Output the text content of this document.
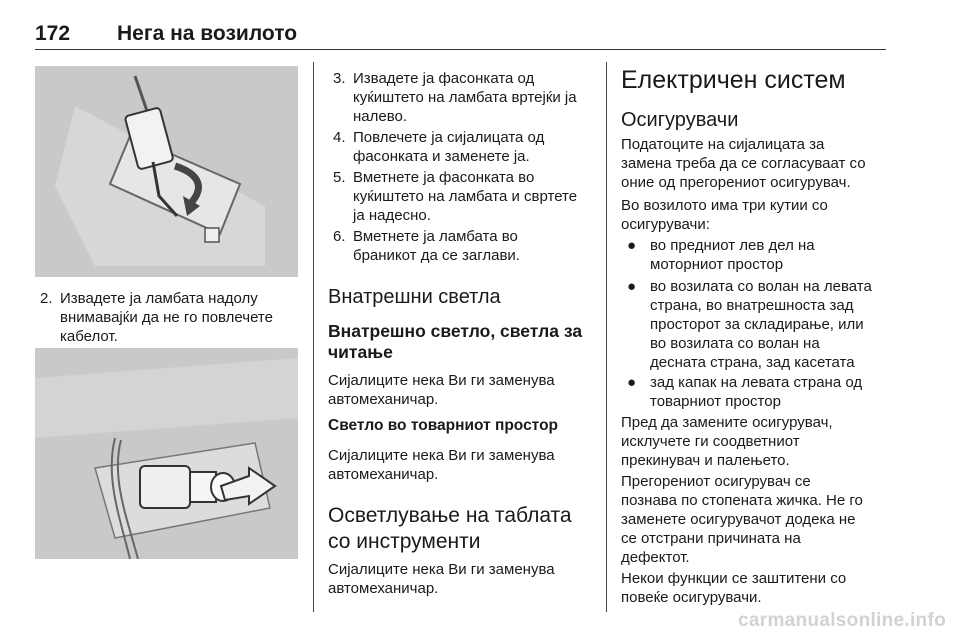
172 Нега на возилото
2. Извадете ја ламбата надолу
внимавајќи да не го повлечете
кабелот.
3. Извадете ја фасонката од
куќиштето на ламбата вртејќи ја
налево.
4. Повлечете ја сијалицата од
фасонката и заменете ја.
5. Вметнете ја фасонката во
куќиштето на ламбата и свртете
ја надесно.
6. Вметнете ја ламбата во
браникот да се заглави.
Внатрешни светла
Внатрешно светло, светла за
читање
Сијалиците нека Ви ги заменува
автомеханичар.
Светло во товарниот простор
Сијалиците нека Ви ги заменува
автомеханичар.
Осветлување на таблата
со инструменти
Сијалиците нека Ви ги заменува
автомеханичар.
Електричен систем
Осигурувачи
Податоците на сијалицата за
замена треба да се согласуваат со
оние од прегорениот осигурувач.
Во возилото има три кутии со
осигурувачи:
● во предниот лев дел на
моторниот простор
● во возилата со волан на левата
страна, во внатрешноста зад
просторот за складирање, или
во возилата со волан на
десната страна, зад касетата
● зад капак на левата страна од
товарниот простор
Пред да замените осигурувач,
исклучете ги соодветниот
прекинувач и палењето.
Прегорениот осигурувач се
познава по стопената жичка. Не го
заменете осигурувачот додека не
се отстрани причината на
дефектот.
Некои функции се заштитени со
повеќе осигурувачи.
carmanualsonline.info
